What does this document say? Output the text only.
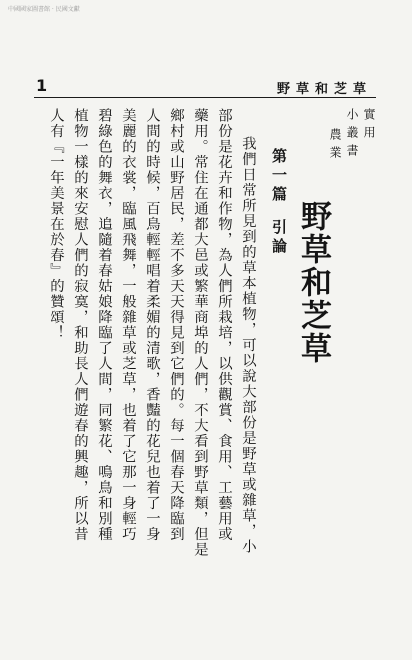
中國國家圖書館 · 民國文獻
1	野草和芝草
實用
小叢書
農業
野草和芝草
第一篇引論
我們日常所見到的草本植物，可以說大部份是野草或雜草，小
部份是花卉和作物，為人們所栽培，以供觀賞、食用、工藝用或
藥用。常住在通都大邑或繁華商埠的人們，不大看到野草類，但是
鄉村或山野居民，差不多天天得見到它們的。每一個春天降臨到
人間的時候，百鳥輕輕唱着柔媚的清歌，香豔的花兒也着了一身
美麗的衣裳，臨風飛舞，一般雜草或芝草，也着了它那一身輕巧
碧綠色的舞衣，追隨着春姑娘降臨了人間，同繁花、鳴鳥和別種
植物一樣的來安慰人們的寂寞，和助長人們遊春的興趣，所以昔
人有『一年美景在於春』的贊頌！
